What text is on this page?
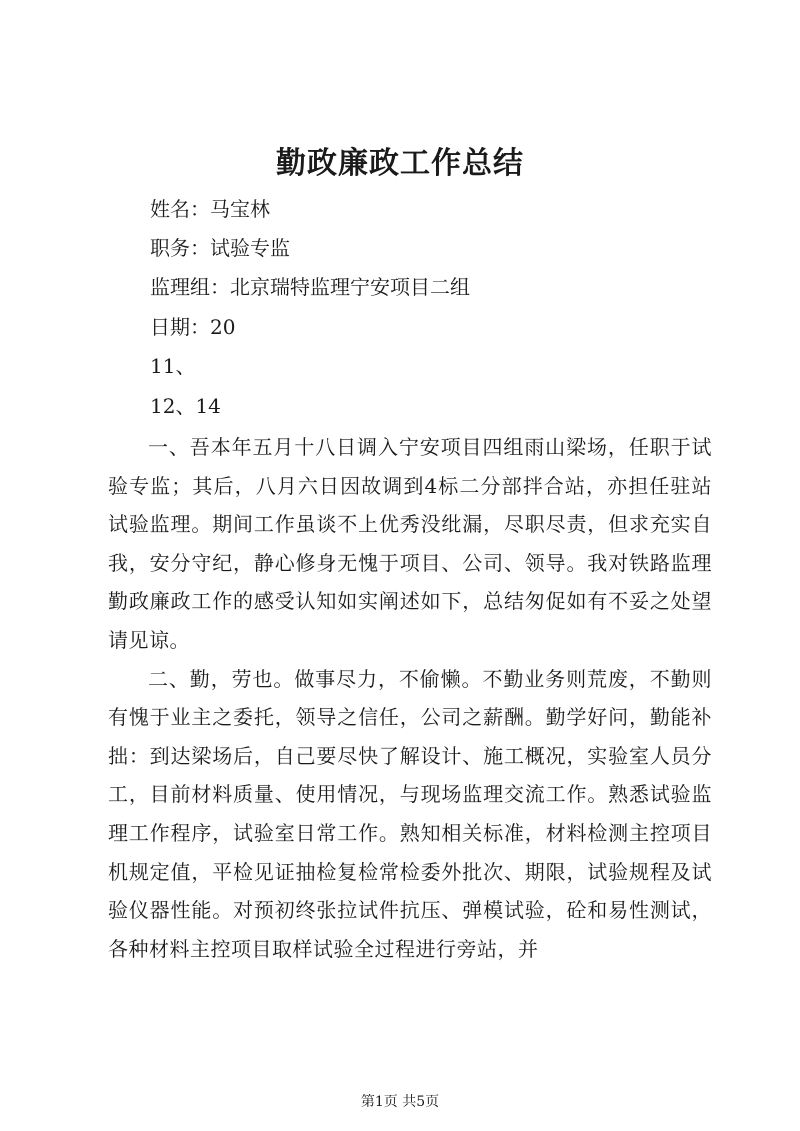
勤政廉政工作总结
姓名：马宝林
职务：试验专监
监理组：北京瑞特监理宁安项目二组
日期：20
11、
12、14

一、吾本年五月十八日调入宁安项目四组雨山梁场，任职于试验专监；其后，八月六日因故调到4标二分部拌合站，亦担任驻站试验监理。期间工作虽谈不上优秀没纰漏，尽职尽责，但求充实自我，安分守纪，静心修身无愧于项目、公司、领导。我对铁路监理勤政廉政工作的感受认知如实阐述如下，总结匆促如有不妥之处望请见谅。

二、勤，劳也。做事尽力，不偷懒。不勤业务则荒废，不勤则有愧于业主之委托，领导之信任，公司之薪酬。勤学好问，勤能补拙：到达梁场后，自己要尽快了解设计、施工概况，实验室人员分工，目前材料质量、使用情况，与现场监理交流工作。熟悉试验监理工作程序，试验室日常工作。熟知相关标准，材料检测主控项目机规定值，平检见证抽检复检常检委外批次、期限，试验规程及试验仪器性能。对预初终张拉试件抗压、弹模试验，砼和易性测试，各种材料主控项目取样试验全过程进行旁站，并

第1页 共5页
